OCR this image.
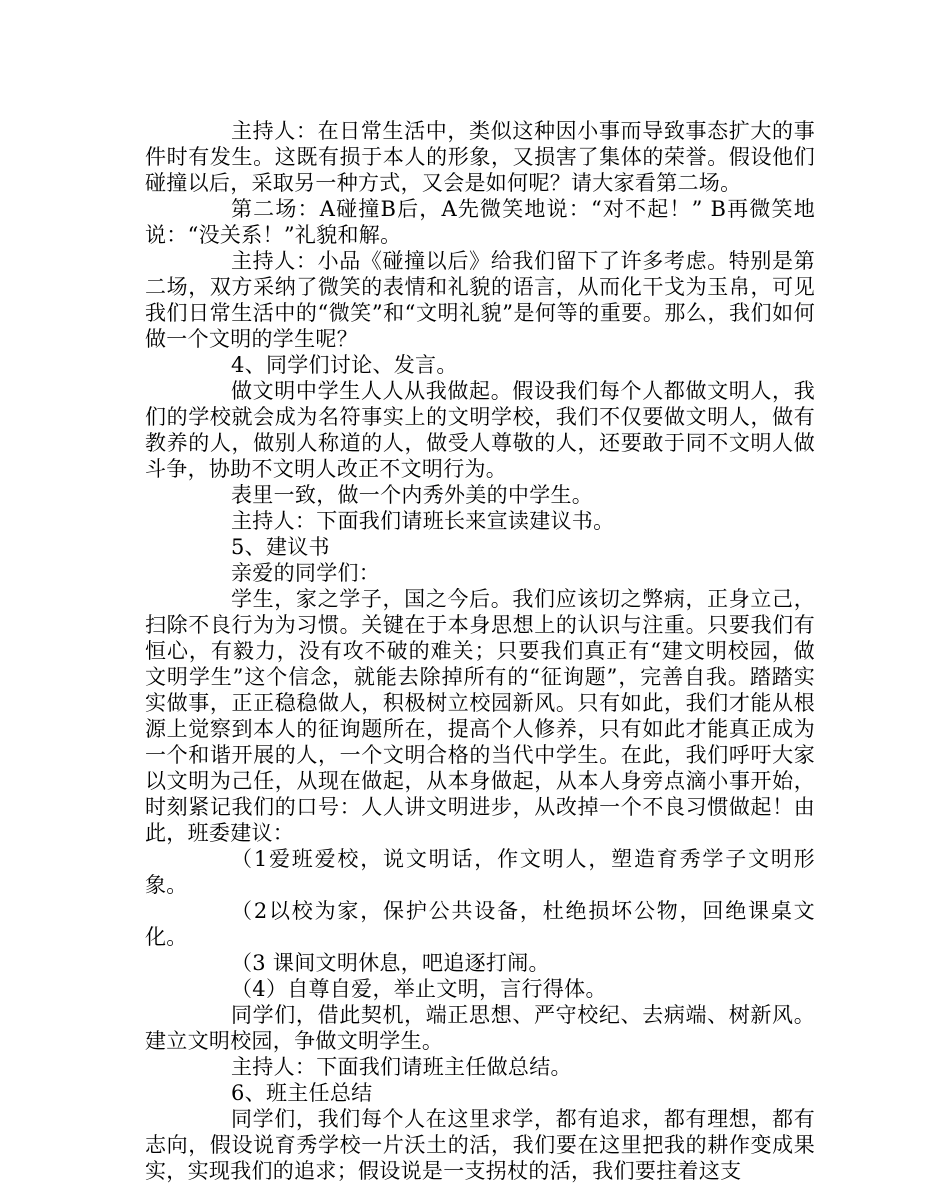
主持人：在日常生活中，类似这种因小事而导致事态扩大的事件时有发生。这既有损于本人的形象，又损害了集体的荣誉。假设他们碰撞以后，采取另一种方式，又会是如何呢？请大家看第二场。

第二场：A碰撞B后，A先微笑地说：“对不起！” B再微笑地说：“没关系！”礼貌和解。

主持人：小品《碰撞以后》给我们留下了许多考虑。特别是第二场，双方采纳了微笑的表情和礼貌的语言，从而化干戈为玉帛，可见我们日常生活中的“微笑”和“文明礼貌”是何等的重要。那么，我们如何做一个文明的学生呢？

4、同学们讨论、发言。

做文明中学生人人从我做起。假设我们每个人都做文明人，我们的学校就会成为名符事实上的文明学校，我们不仅要做文明人，做有教养的人，做别人称道的人，做受人尊敬的人，还要敢于同不文明人做斗争，协助不文明人改正不文明行为。

表里一致，做一个内秀外美的中学生。

主持人：下面我们请班长来宣读建议书。

5、建议书

亲爱的同学们：

学生，家之学子，国之今后。我们应该切之弊病，正身立己，扫除不良行为为习惯。关键在于本身思想上的认识与注重。只要我们有恒心，有毅力，没有攻不破的难关；只要我们真正有“建文明校园，做文明学生”这个信念，就能去除掉所有的“征询题”，完善自我。踏踏实实做事，正正稳稳做人，积极树立校园新风。只有如此，我们才能从根源上觉察到本人的征询题所在，提高个人修养，只有如此才能真正成为一个和谐开展的人，一个文明合格的当代中学生。在此，我们呼吁大家以文明为己任，从现在做起，从本身做起，从本人身旁点滴小事开始，时刻紧记我们的口号：人人讲文明进步，从改掉一个不良习惯做起！由此，班委建议：

（1爱班爱校，说文明话，作文明人，塑造育秀学子文明形象。

（2以校为家，保护公共设备，杜绝损坏公物，回绝课桌文化。

（3 课间文明休息，吧追逐打闹。

（4）自尊自爱，举止文明，言行得体。

同学们，借此契机，端正思想、严守校纪、去病端、树新风。建立文明校园，争做文明学生。

主持人：下面我们请班主任做总结。

6、班主任总结

同学们，我们每个人在这里求学，都有追求，都有理想，都有志向，假设说育秀学校一片沃土的活，我们要在这里把我的耕作变成果实，实现我们的追求；假设说是一支拐杖的活，我们要拄着这支
